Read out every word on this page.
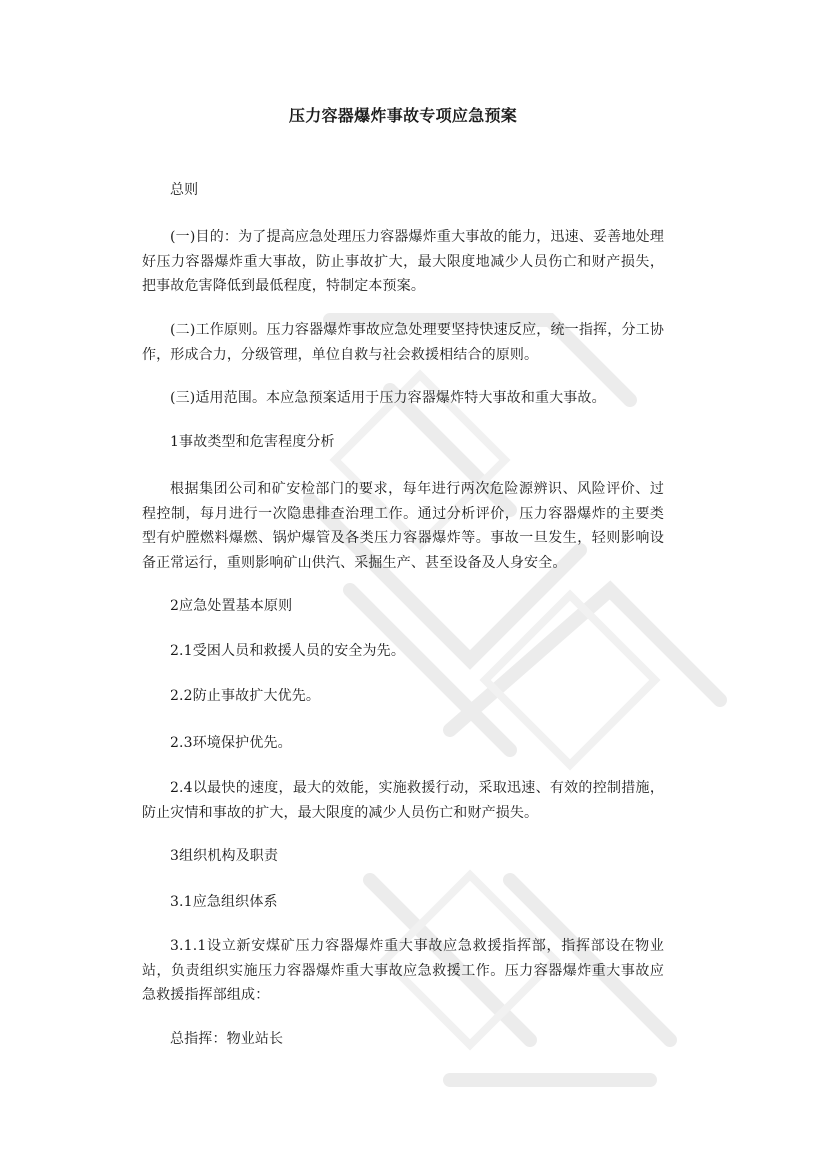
压力容器爆炸事故专项应急预案

总则

(一)目的：为了提高应急处理压力容器爆炸重大事故的能力，迅速、妥善地处理好压力容器爆炸重大事故，防止事故扩大，最大限度地减少人员伤亡和财产损失，把事故危害降低到最低程度，特制定本预案。

(二)工作原则。压力容器爆炸事故应急处理要坚持快速反应，统一指挥，分工协作，形成合力，分级管理，单位自救与社会救援相结合的原则。

(三)适用范围。本应急预案适用于压力容器爆炸特大事故和重大事故。

1事故类型和危害程度分析

根据集团公司和矿安检部门的要求，每年进行两次危险源辨识、风险评价、过程控制，每月进行一次隐患排查治理工作。通过分析评价，压力容器爆炸的主要类型有炉膛燃料爆燃、锅炉爆管及各类压力容器爆炸等。事故一旦发生，轻则影响设备正常运行，重则影响矿山供汽、采掘生产、甚至设备及人身安全。

2应急处置基本原则

2.1受困人员和救援人员的安全为先。

2.2防止事故扩大优先。

2.3环境保护优先。

2.4以最快的速度，最大的效能，实施救援行动，采取迅速、有效的控制措施，防止灾情和事故的扩大，最大限度的减少人员伤亡和财产损失。

3组织机构及职责

3.1应急组织体系

3.1.1设立新安煤矿压力容器爆炸重大事故应急救援指挥部，指挥部设在物业站，负责组织实施压力容器爆炸重大事故应急救援工作。压力容器爆炸重大事故应急救援指挥部组成：

总指挥：物业站长
